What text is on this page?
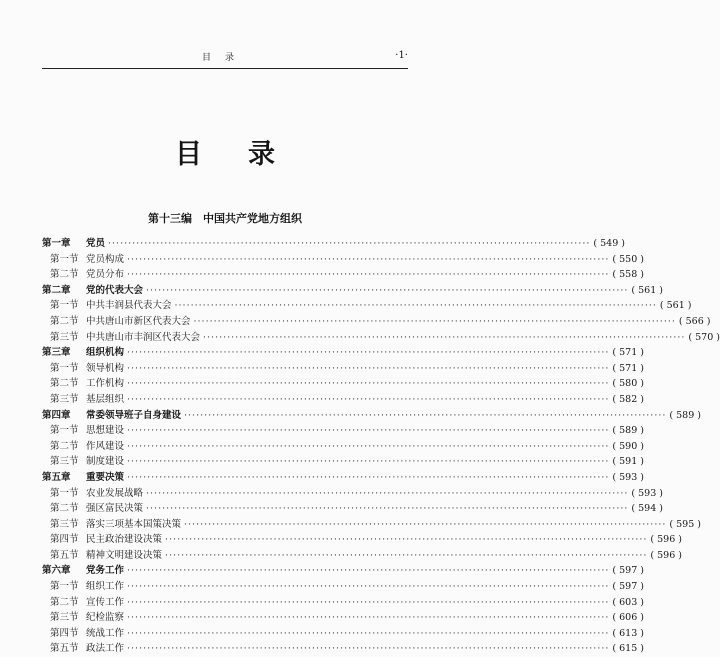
目录	·1·
目录
第十三编　中国共产党地方组织
第一章	党员 ························································································································ ( 549 )
第一节 党员构成 ························································································································ ( 550 )
第二节 党员分布 ························································································································ ( 558 )
第二章	党的代表大会 ························································································································ ( 561 )
第一节 中共丰润县代表大会 ························································································································ ( 561 )
第二节 中共唐山市新区代表大会 ························································································································ ( 566 )
第三节 中共唐山市丰润区代表大会 ························································································································ ( 570 )
第三章	组织机构 ························································································································ ( 571 )
第一节 领导机构 ························································································································ ( 571 )
第二节 工作机构 ························································································································ ( 580 )
第三节 基层组织 ························································································································ ( 582 )
第四章	常委领导班子自身建设 ························································································································ ( 589 )
第一节 思想建设 ························································································································ ( 589 )
第二节 作风建设 ························································································································ ( 590 )
第三节 制度建设 ························································································································ ( 591 )
第五章	重要决策 ························································································································ ( 593 )
第一节 农业发展战略 ························································································································ ( 593 )
第二节 强区富民决策 ························································································································ ( 594 )
第三节 落实三项基本国策决策 ························································································································ ( 595 )
第四节 民主政治建设决策 ························································································································ ( 596 )
第五节 精神文明建设决策 ························································································································ ( 596 )
第六章	党务工作 ························································································································ ( 597 )
第一节 组织工作 ························································································································ ( 597 )
第二节 宣传工作 ························································································································ ( 603 )
第三节 纪检监察 ························································································································ ( 606 )
第四节 统战工作 ························································································································ ( 613 )
第五节 政法工作 ························································································································ ( 615 )
